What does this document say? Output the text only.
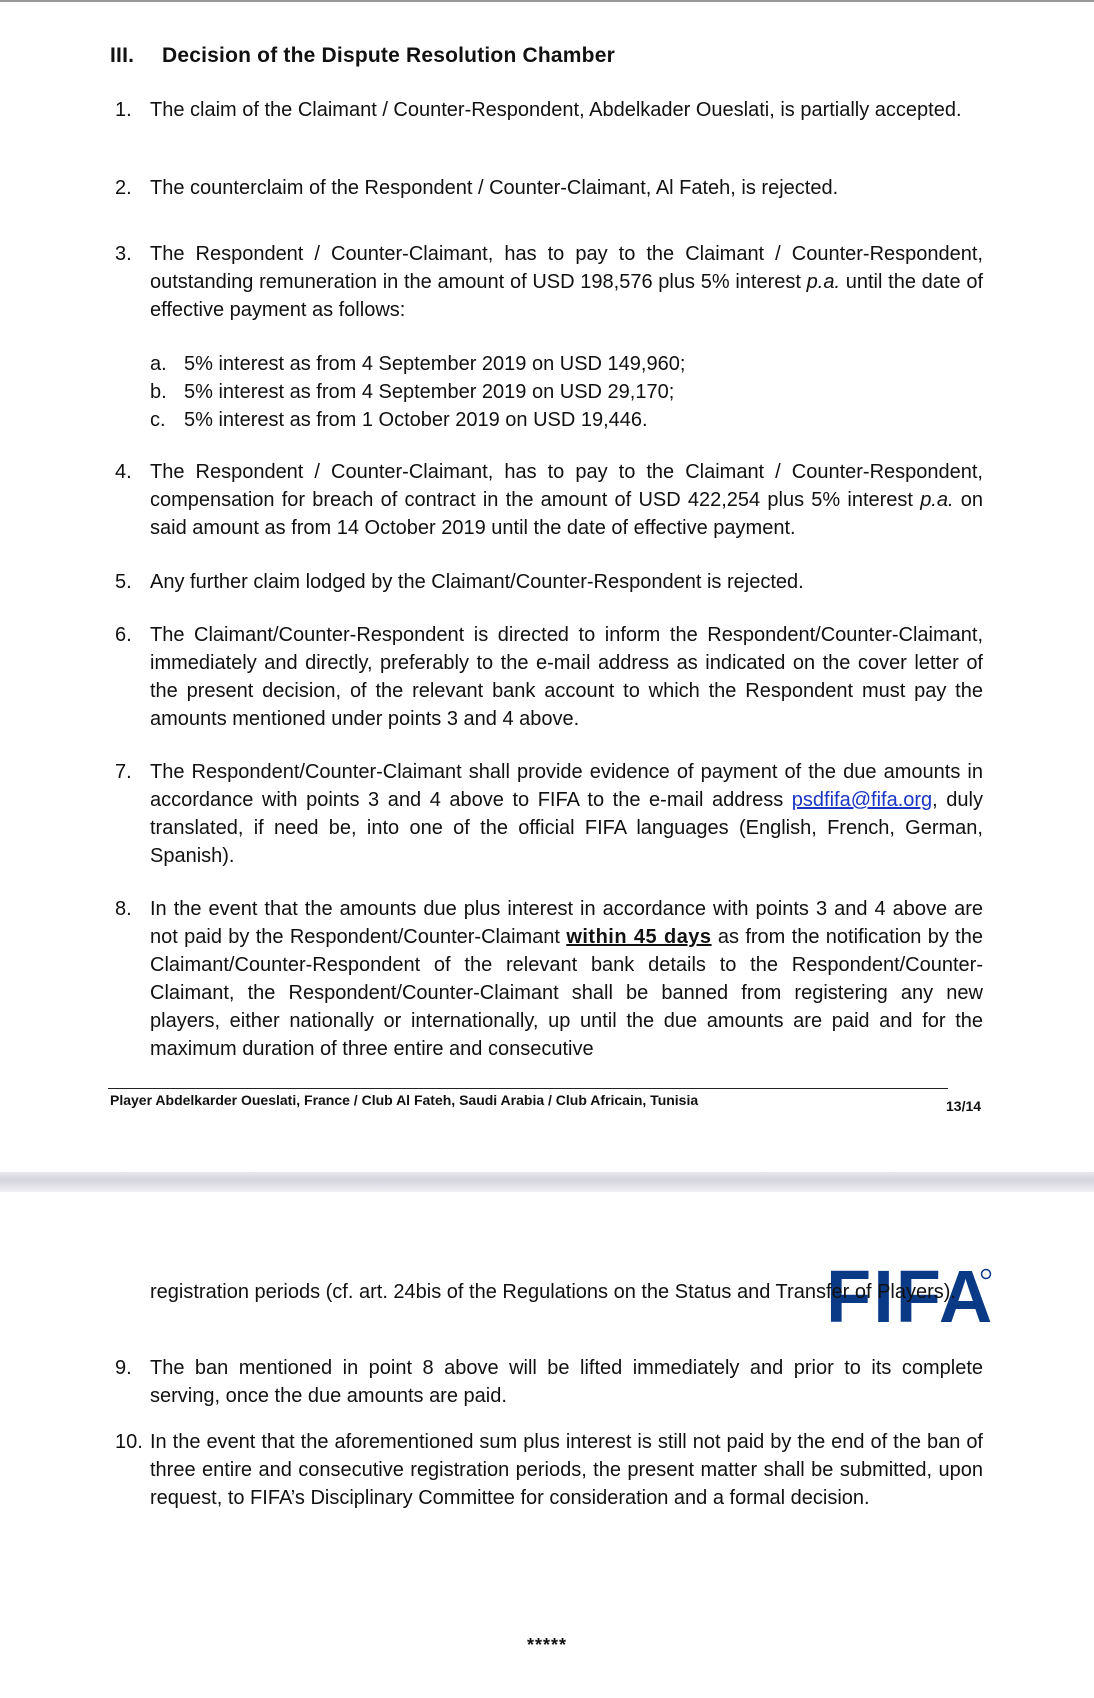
III. Decision of the Dispute Resolution Chamber
1. The claim of the Claimant / Counter-Respondent, Abdelkader Oueslati, is partially accepted.

2. The counterclaim of the Respondent / Counter-Claimant, Al Fateh, is rejected.

3. The Respondent / Counter-Claimant, has to pay to the Claimant / Counter-Respondent, outstanding remuneration in the amount of USD 198,576 plus 5% interest p.a. until the date of effective payment as follows:

a. 5% interest as from 4 September 2019 on USD 149,960;
b. 5% interest as from 4 September 2019 on USD 29,170;
c. 5% interest as from 1 October 2019 on USD 19,446.
4. The Respondent / Counter-Claimant, has to pay to the Claimant / Counter-Respondent, compensation for breach of contract in the amount of USD 422,254 plus 5% interest p.a. on said amount as from 14 October 2019 until the date of effective payment.

5. Any further claim lodged by the Claimant/Counter-Respondent is rejected.

6. The Claimant/Counter-Respondent is directed to inform the Respondent/Counter-Claimant, immediately and directly, preferably to the e-mail address as indicated on the cover letter of the present decision, of the relevant bank account to which the Respondent must pay the amounts mentioned under points 3 and 4 above.

7. The Respondent/Counter-Claimant shall provide evidence of payment of the due amounts in accordance with points 3 and 4 above to FIFA to the e-mail address psdfifa@fifa.org, duly translated, if need be, into one of the official FIFA languages (English, French, German, Spanish).

8. In the event that the amounts due plus interest in accordance with points 3 and 4 above are not paid by the Respondent/Counter-Claimant within 45 days as from the notification by the Claimant/Counter-Respondent of the relevant bank details to the Respondent/Counter-Claimant, the Respondent/Counter-Claimant shall be banned from registering any new players, either nationally or internationally, up until the due amounts are paid and for the maximum duration of three entire and consecutive

Player Abdelkarder Oueslati, France / Club Al Fateh, Saudi Arabia / Club Africain, Tunisia	13/14
FIFA

registration periods (cf. art. 24bis of the Regulations on the Status and Transfer of Players).

9. The ban mentioned in point 8 above will be lifted immediately and prior to its complete serving, once the due amounts are paid.

10. In the event that the aforementioned sum plus interest is still not paid by the end of the ban of three entire and consecutive registration periods, the present matter shall be submitted, upon request, to FIFA’s Disciplinary Committee for consideration and a formal decision.

*****
